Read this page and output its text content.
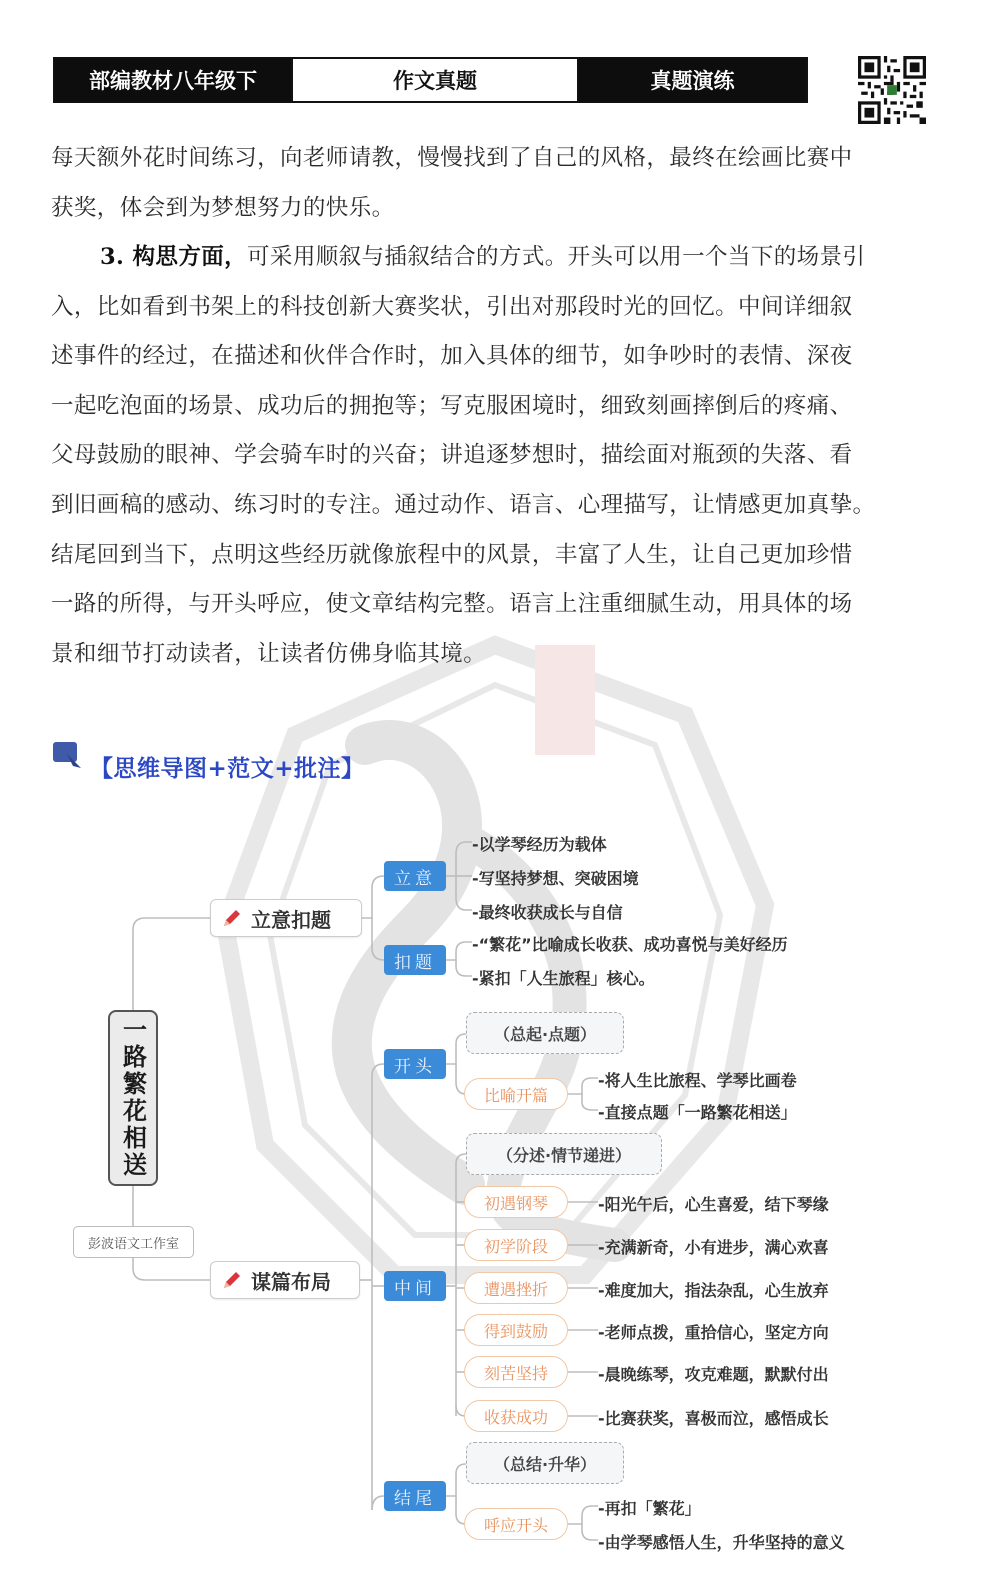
部编教材八年级下	作文真题	真题演练
每天额外花时间练习，向老师请教，慢慢找到了自己的风格，最终在绘画比赛中
获奖，体会到为梦想努力的快乐。
3. 构思方面，可采用顺叙与插叙结合的方式。开头可以用一个当下的场景引
入，比如看到书架上的科技创新大赛奖状，引出对那段时光的回忆。中间详细叙
述事件的经过，在描述和伙伴合作时，加入具体的细节，如争吵时的表情、深夜
一起吃泡面的场景、成功后的拥抱等；写克服困境时，细致刻画摔倒后的疼痛、
父母鼓励的眼神、学会骑车时的兴奋；讲追逐梦想时，描绘面对瓶颈的失落、看
到旧画稿的感动、练习时的专注。通过动作、语言、心理描写，让情感更加真挚。
结尾回到当下，点明这些经历就像旅程中的风景，丰富了人生，让自己更加珍惜
一路的所得，与开头呼应，使文章结构完整。语言上注重细腻生动，用具体的场
景和细节打动读者，让读者仿佛身临其境。
【思维导图+范文+批注】
一路繁花相送
彭波语文工作室
立意扣题
立意
扣题
-以学琴经历为载体
-写坚持梦想、突破困境
-最终收获成长与自信
-“繁花”比喻成长收获、成功喜悦与美好经历
-紧扣「人生旅程」核心。
谋篇布局
开头
（总起·点题）
比喻开篇
-将人生比旅程、学琴比画卷
-直接点题「一路繁花相送」
中间
（分述·情节递进）
初遇钢琴	-阳光午后，心生喜爱，结下琴缘
初学阶段	-充满新奇，小有进步，满心欢喜
遭遇挫折	-难度加大，指法杂乱，心生放弃
得到鼓励	-老师点拨，重拾信心，坚定方向
刻苦坚持	-晨晚练琴，攻克难题，默默付出
收获成功	-比赛获奖，喜极而泣，感悟成长
结尾
（总结·升华）
呼应开头
-再扣「繁花」
-由学琴感悟人生，升华坚持的意义
